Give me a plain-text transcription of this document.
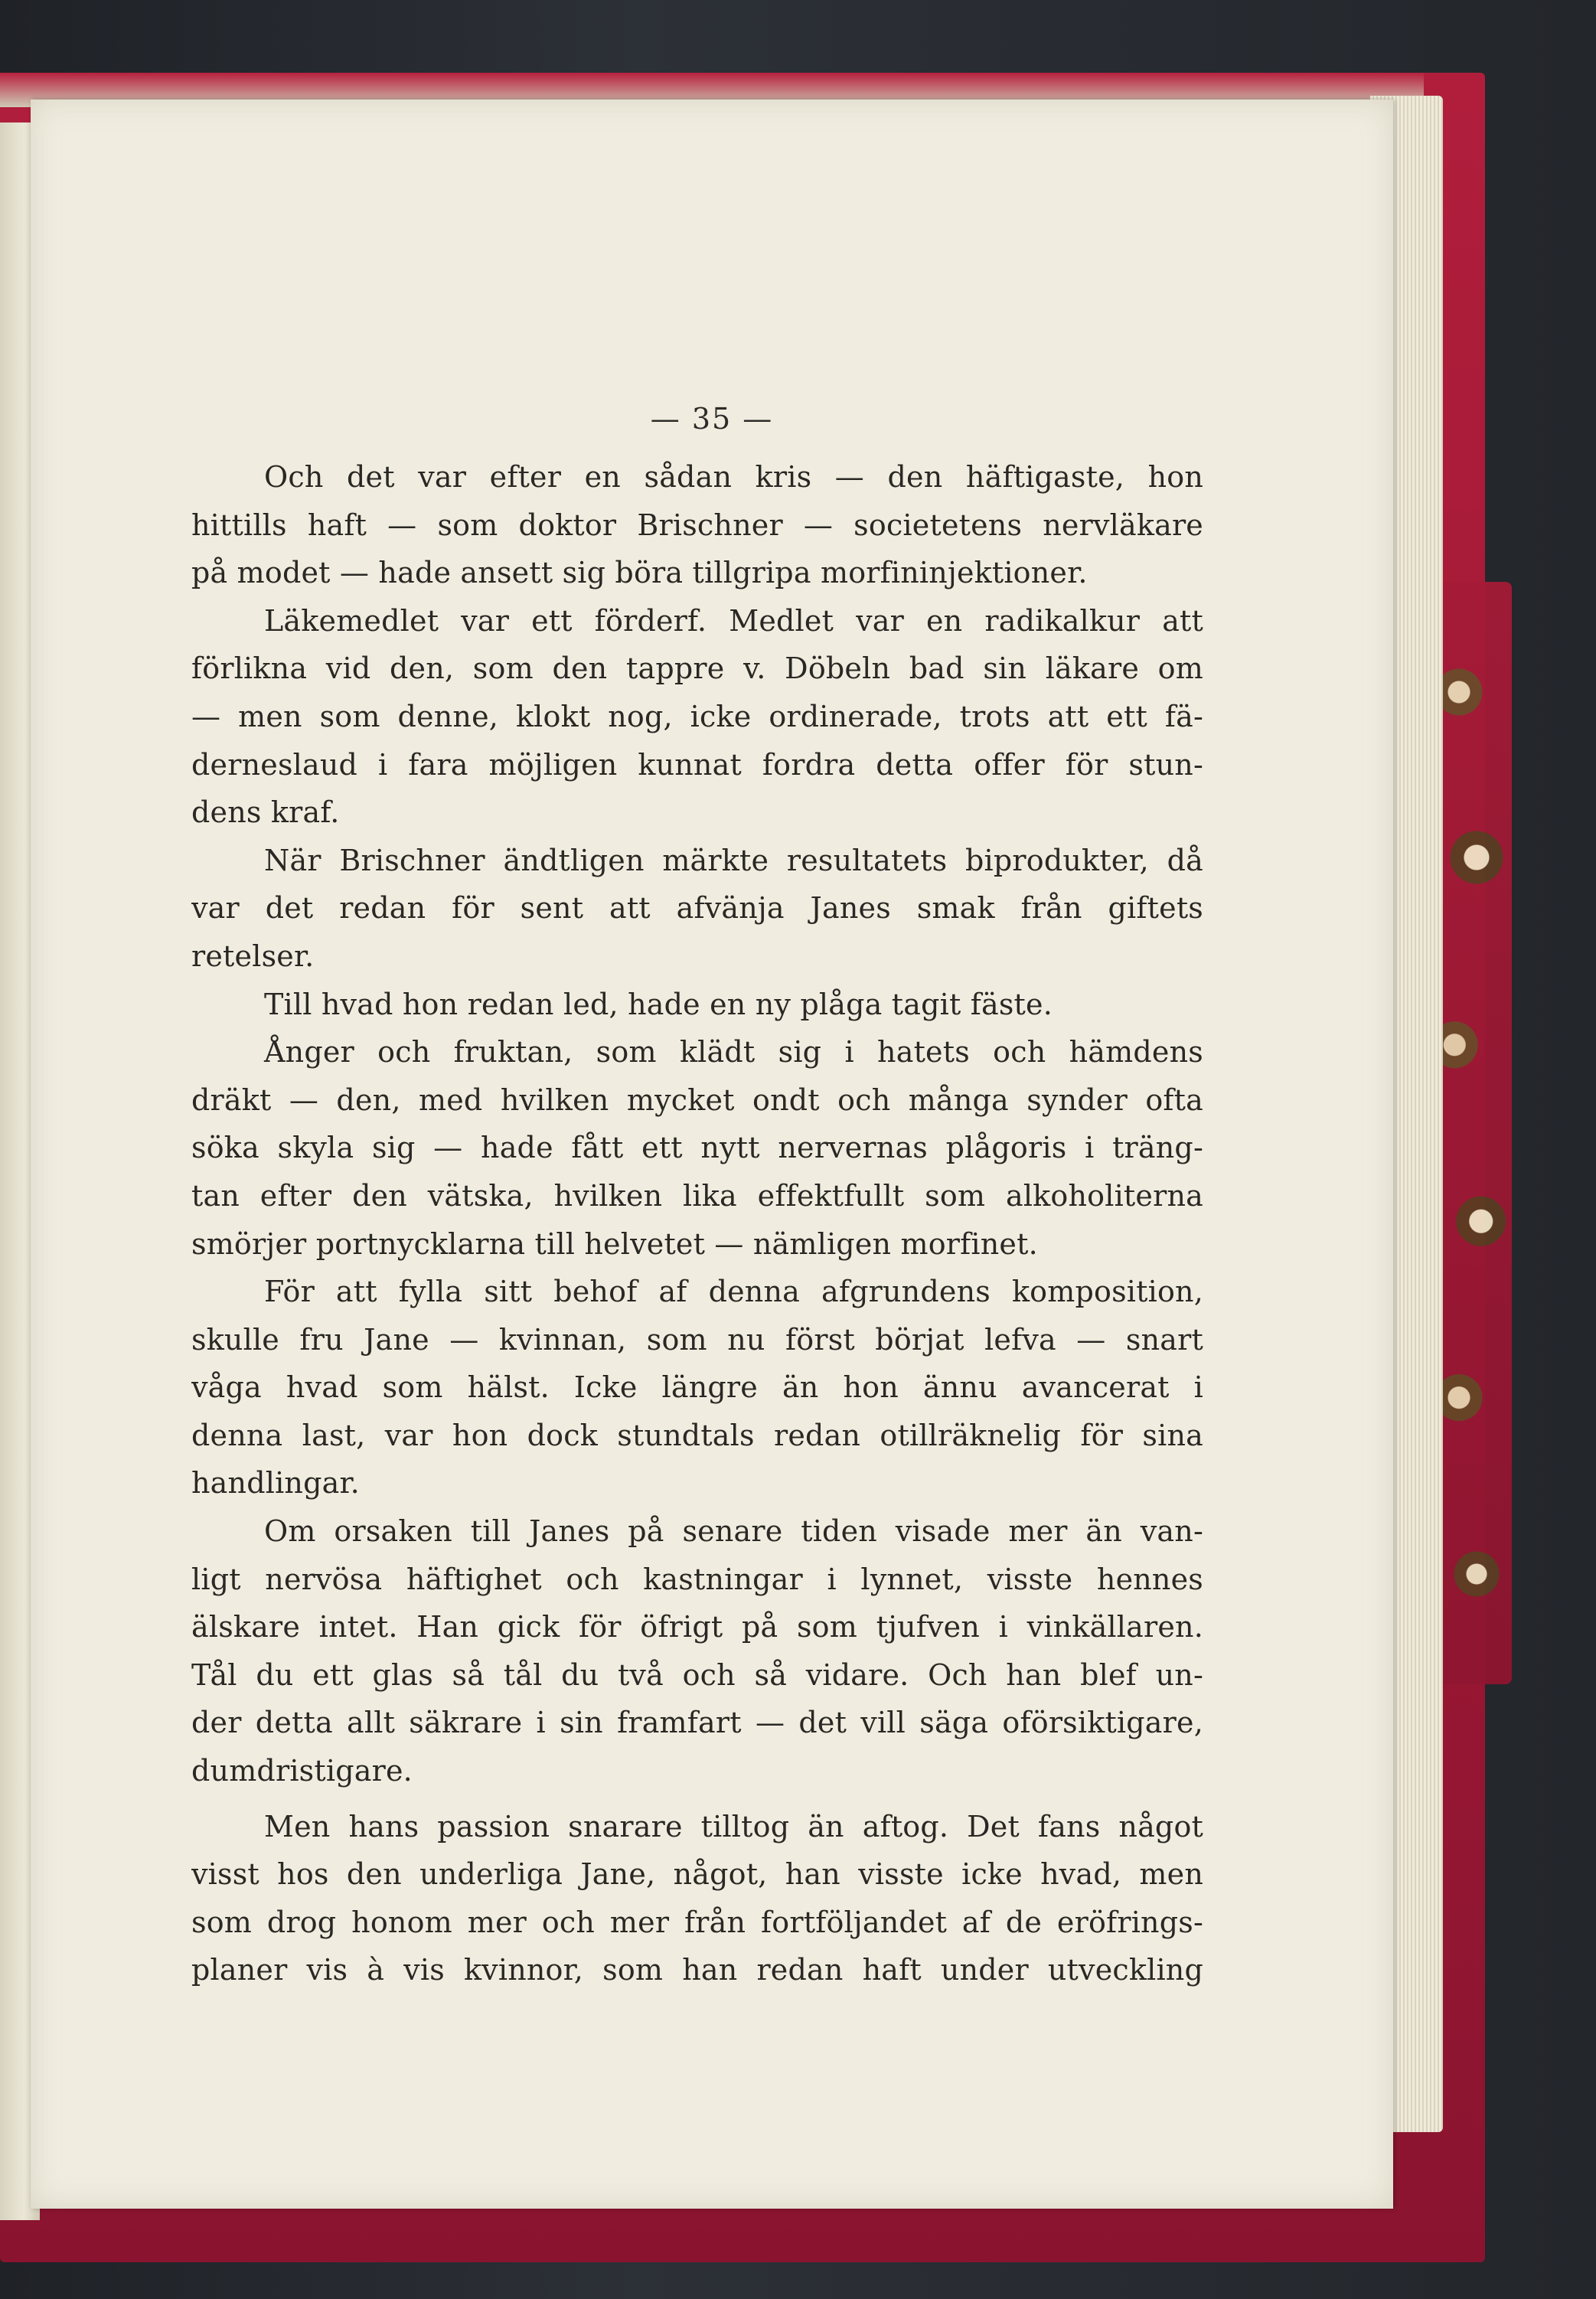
— 35 —
Och det var efter en sådan kris — den häftigaste, hon
hittills haft — som doktor Brischner — societetens nervläkare
på modet — hade ansett sig böra tillgripa morfininjektioner.
Läkemedlet var ett förderf. Medlet var en radikalkur att
förlikna vid den, som den tappre v. Döbeln bad sin läkare om
— men som denne, klokt nog, icke ordinerade, trots att ett fä-
derneslaud i fara möjligen kunnat fordra detta offer för stun-
dens kraf.
När Brischner ändtligen märkte resultatets biprodukter, då
var det redan för sent att afvänja Janes smak från giftets
retelser.
Till hvad hon redan led, hade en ny plåga tagit fäste.
Ånger och fruktan, som klädt sig i hatets och hämdens
dräkt — den, med hvilken mycket ondt och många synder ofta
söka skyla sig — hade fått ett nytt nervernas plågoris i träng-
tan efter den vätska, hvilken lika effektfullt som alkoholiterna
smörjer portnycklarna till helvetet — nämligen morfinet.
För att fylla sitt behof af denna afgrundens komposition,
skulle fru Jane — kvinnan, som nu först börjat lefva — snart
våga hvad som hälst. Icke längre än hon ännu avancerat i
denna last, var hon dock stundtals redan otillräknelig för sina
handlingar.
Om orsaken till Janes på senare tiden visade mer än van-
ligt nervösa häftighet och kastningar i lynnet, visste hennes
älskare intet. Han gick för öfrigt på som tjufven i vinkällaren.
Tål du ett glas så tål du två och så vidare. Och han blef un-
der detta allt säkrare i sin framfart — det vill säga oförsiktigare,
dumdristigare.
Men hans passion snarare tilltog än aftog. Det fans något
visst hos den underliga Jane, något, han visste icke hvad, men
som drog honom mer och mer från fortföljandet af de eröfrings-
planer vis à vis kvinnor, som han redan haft under utveckling
